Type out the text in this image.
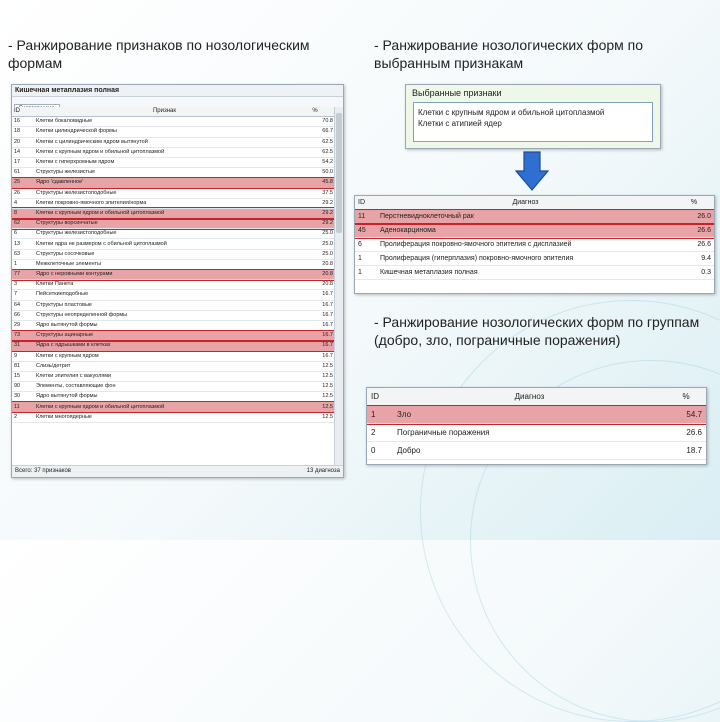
- Ранжирование признаков по нозологическим формам
- Ранжирование нозологических форм по выбранным признакам
- Ранжирование нозологических форм по группам (добро, зло, пограничные поражения)
Кишечная метаплазия полная
ID	Признак	%
16	Клетки бокаловидные	70.8
18	Клетки цилиндрической формы	66.7
20	Клетки с цилиндрическим ядром вытянутой	62.5
14	Клетки с крупным ядром и обильной цитоплазмой	62.5
17	Клетки с гиперхромным ядром	54.2
61	Структуры железистые	50.0
25	Ядро 'сдавленное'	45.8
26	Структуры железистоподобные	37.5
4	Клетки покровно-ямочного эпителия/норма	29.2
8	Клетки с крупным ядром и обильной цитоплазмой	29.2
62	Структуры ворсинчатые	29.2
6	Структуры железистоподобные	25.0
13	Клетки ядра не размером с обильной цитоплазмой	25.0
63	Структуры сосочковые	25.0
1	Межклеточные элементы	20.8
77	Ядро с неровными контурами	20.8
3	Клетки Панета	20.8
7	Пейсеткиеподобные	16.7
64	Структуры пластовые	16.7
66	Структуры неопределенной формы	16.7
29	Ядро вытянутой формы	16.7
73	Структуры ацинарные	16.7
31	Ядра с ядрышками в клетках	16.7
9	Клетки с крупным ядром	16.7
81	Слизь/детрит	12.5
15	Клетки эпителия с вакуолями	12.5
90	Элементы, составляющие фон	12.5
30	Ядро вытянутой формы	12.5
11	Клетки с крупным ядром и обильной цитоплазмой	12.5
2	Клетки многоядерные	12.5
Всего: 37 признаков	13 диагноза
Выбранные признаки
Клетки с крупным ядром и обильной цитоплазмой
Клетки с атипией ядер
ID	Диагноз	%
11	Перстневидноклеточный рак	26.0
45	Аденокарцинома	26.6
6	Пролиферация покровно-ямочного эпителия с дисплазией	26.6
1	Пролиферация (гиперплазия) покровно-ямочного эпителия	9.4
1	Кишечная метаплазия полная	0.3
ID	Диагноз	%
1	Зло	54.7
2	Пограничные поражения	26.6
0	Добро	18.7
